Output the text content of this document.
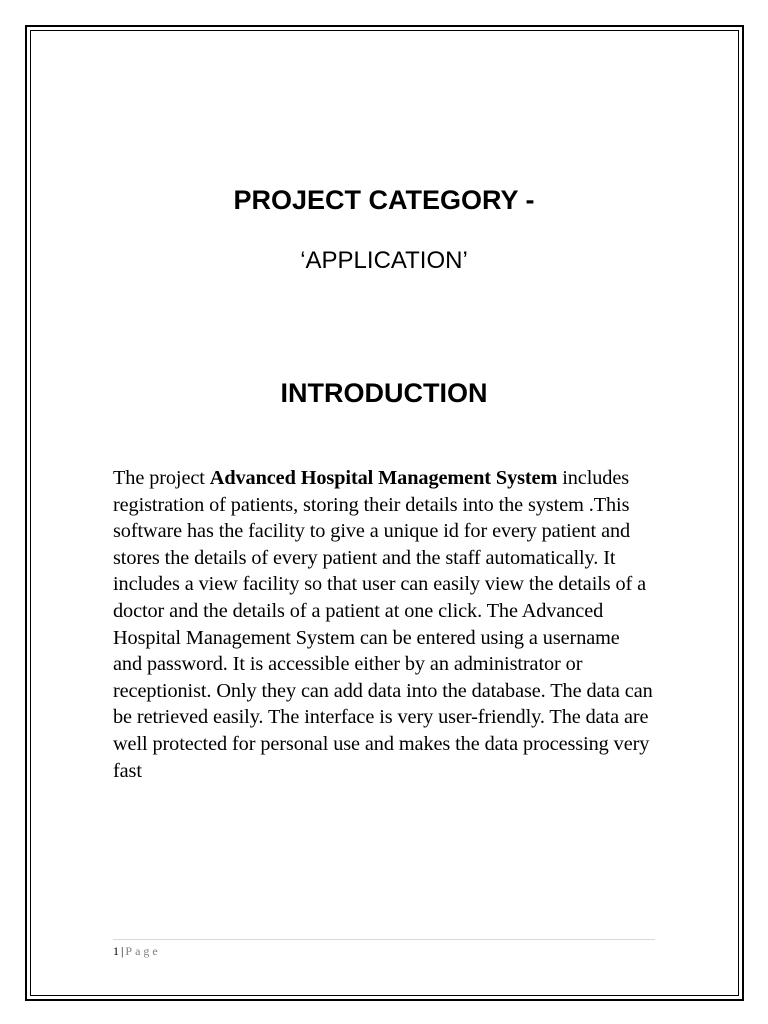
PROJECT CATEGORY -

‘APPLICATION’

INTRODUCTION

The project Advanced Hospital Management System includes registration of patients, storing their details into the system .This software has the facility to give a unique id for every patient and stores the details of every patient and the staff automatically. It includes a view facility so that user can easily view the details of a doctor and the details of a patient at one click. The Advanced Hospital Management System can be entered using a username and password. It is accessible either by an administrator or receptionist. Only they can add data into the database. The data can be retrieved easily. The interface is very user-friendly. The data are well protected for personal use and makes the data processing very fast

1 | Page
